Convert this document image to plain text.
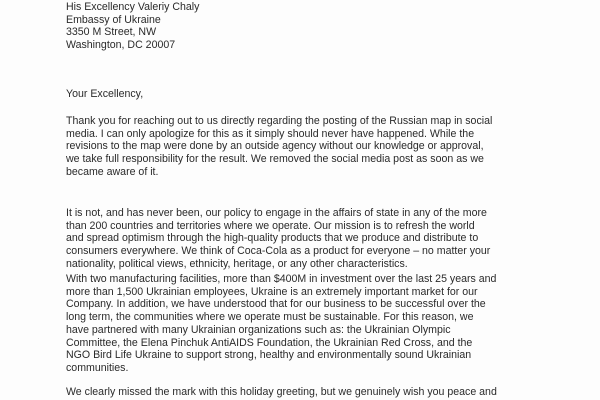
His Excellency Valeriy Chaly
Embassy of Ukraine
3350 M Street, NW
Washington, DC 20007
Your Excellency,
Thank you for reaching out to us directly regarding the posting of the Russian map in social
media. I can only apologize for this as it simply should never have happened. While the
revisions to the map were done by an outside agency without our knowledge or approval,
we take full responsibility for the result. We removed the social media post as soon as we
became aware of it.
It is not, and has never been, our policy to engage in the affairs of state in any of the more
than 200 countries and territories where we operate. Our mission is to refresh the world
and spread optimism through the high-quality products that we produce and distribute to
consumers everywhere. We think of Coca-Cola as a product for everyone – no matter your
nationality, political views, ethnicity, heritage, or any other characteristics.
With two manufacturing facilities, more than $400M in investment over the last 25 years and
more than 1,500 Ukrainian employees, Ukraine is an extremely important market for our
Company. In addition, we have understood that for our business to be successful over the
long term, the communities where we operate must be sustainable. For this reason, we
have partnered with many Ukrainian organizations such as: the Ukrainian Olympic
Committee, the Elena Pinchuk AntiAIDS Foundation, the Ukrainian Red Cross, and the
NGO Bird Life Ukraine to support strong, healthy and environmentally sound Ukrainian
communities.
We clearly missed the mark with this holiday greeting, but we genuinely wish you peace and
